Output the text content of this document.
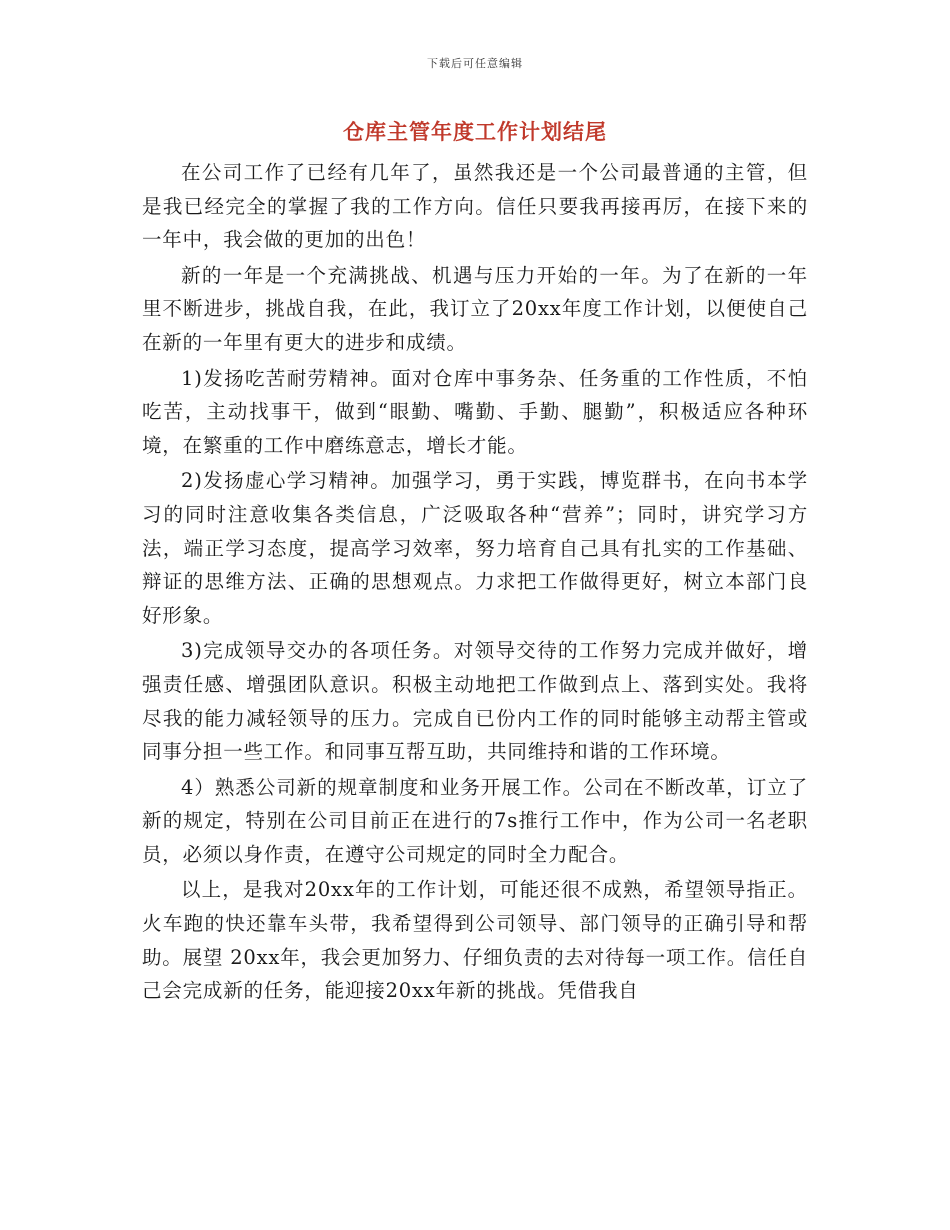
下载后可任意编辑
仓库主管年度工作计划结尾

在公司工作了已经有几年了，虽然我还是一个公司最普通的主管，但是我已经完全的掌握了我的工作方向。信任只要我再接再厉，在接下来的一年中，我会做的更加的出色！

新的一年是一个充满挑战、机遇与压力开始的一年。为了在新的一年里不断进步，挑战自我，在此，我订立了20xx年度工作计划，以便使自己在新的一年里有更大的进步和成绩。

1)发扬吃苦耐劳精神。面对仓库中事务杂、任务重的工作性质，不怕吃苦，主动找事干，做到“眼勤、嘴勤、手勤、腿勤”，积极适应各种环境，在繁重的工作中磨练意志，增长才能。

2)发扬虚心学习精神。加强学习，勇于实践，博览群书，在向书本学习的同时注意收集各类信息，广泛吸取各种“营养”；同时，讲究学习方法，端正学习态度，提高学习效率，努力培育自己具有扎实的工作基础、辩证的思维方法、正确的思想观点。力求把工作做得更好，树立本部门良好形象。

3)完成领导交办的各项任务。对领导交待的工作努力完成并做好，增强责任感、增强团队意识。积极主动地把工作做到点上、落到实处。我将尽我的能力减轻领导的压力。完成自已份内工作的同时能够主动帮主管或同事分担一些工作。和同事互帮互助，共同维持和谐的工作环境。

4）熟悉公司新的规章制度和业务开展工作。公司在不断改革，订立了新的规定，特别在公司目前正在进行的7s推行工作中，作为公司一名老职员，必须以身作责，在遵守公司规定的同时全力配合。

以上，是我对20xx年的工作计划，可能还很不成熟，希望领导指正。火车跑的快还靠车头带，我希望得到公司领导、部门领导的正确引导和帮助。展望 20xx年，我会更加努力、仔细负责的去对待每一项工作。信任自己会完成新的任务，能迎接20xx年新的挑战。凭借我自
